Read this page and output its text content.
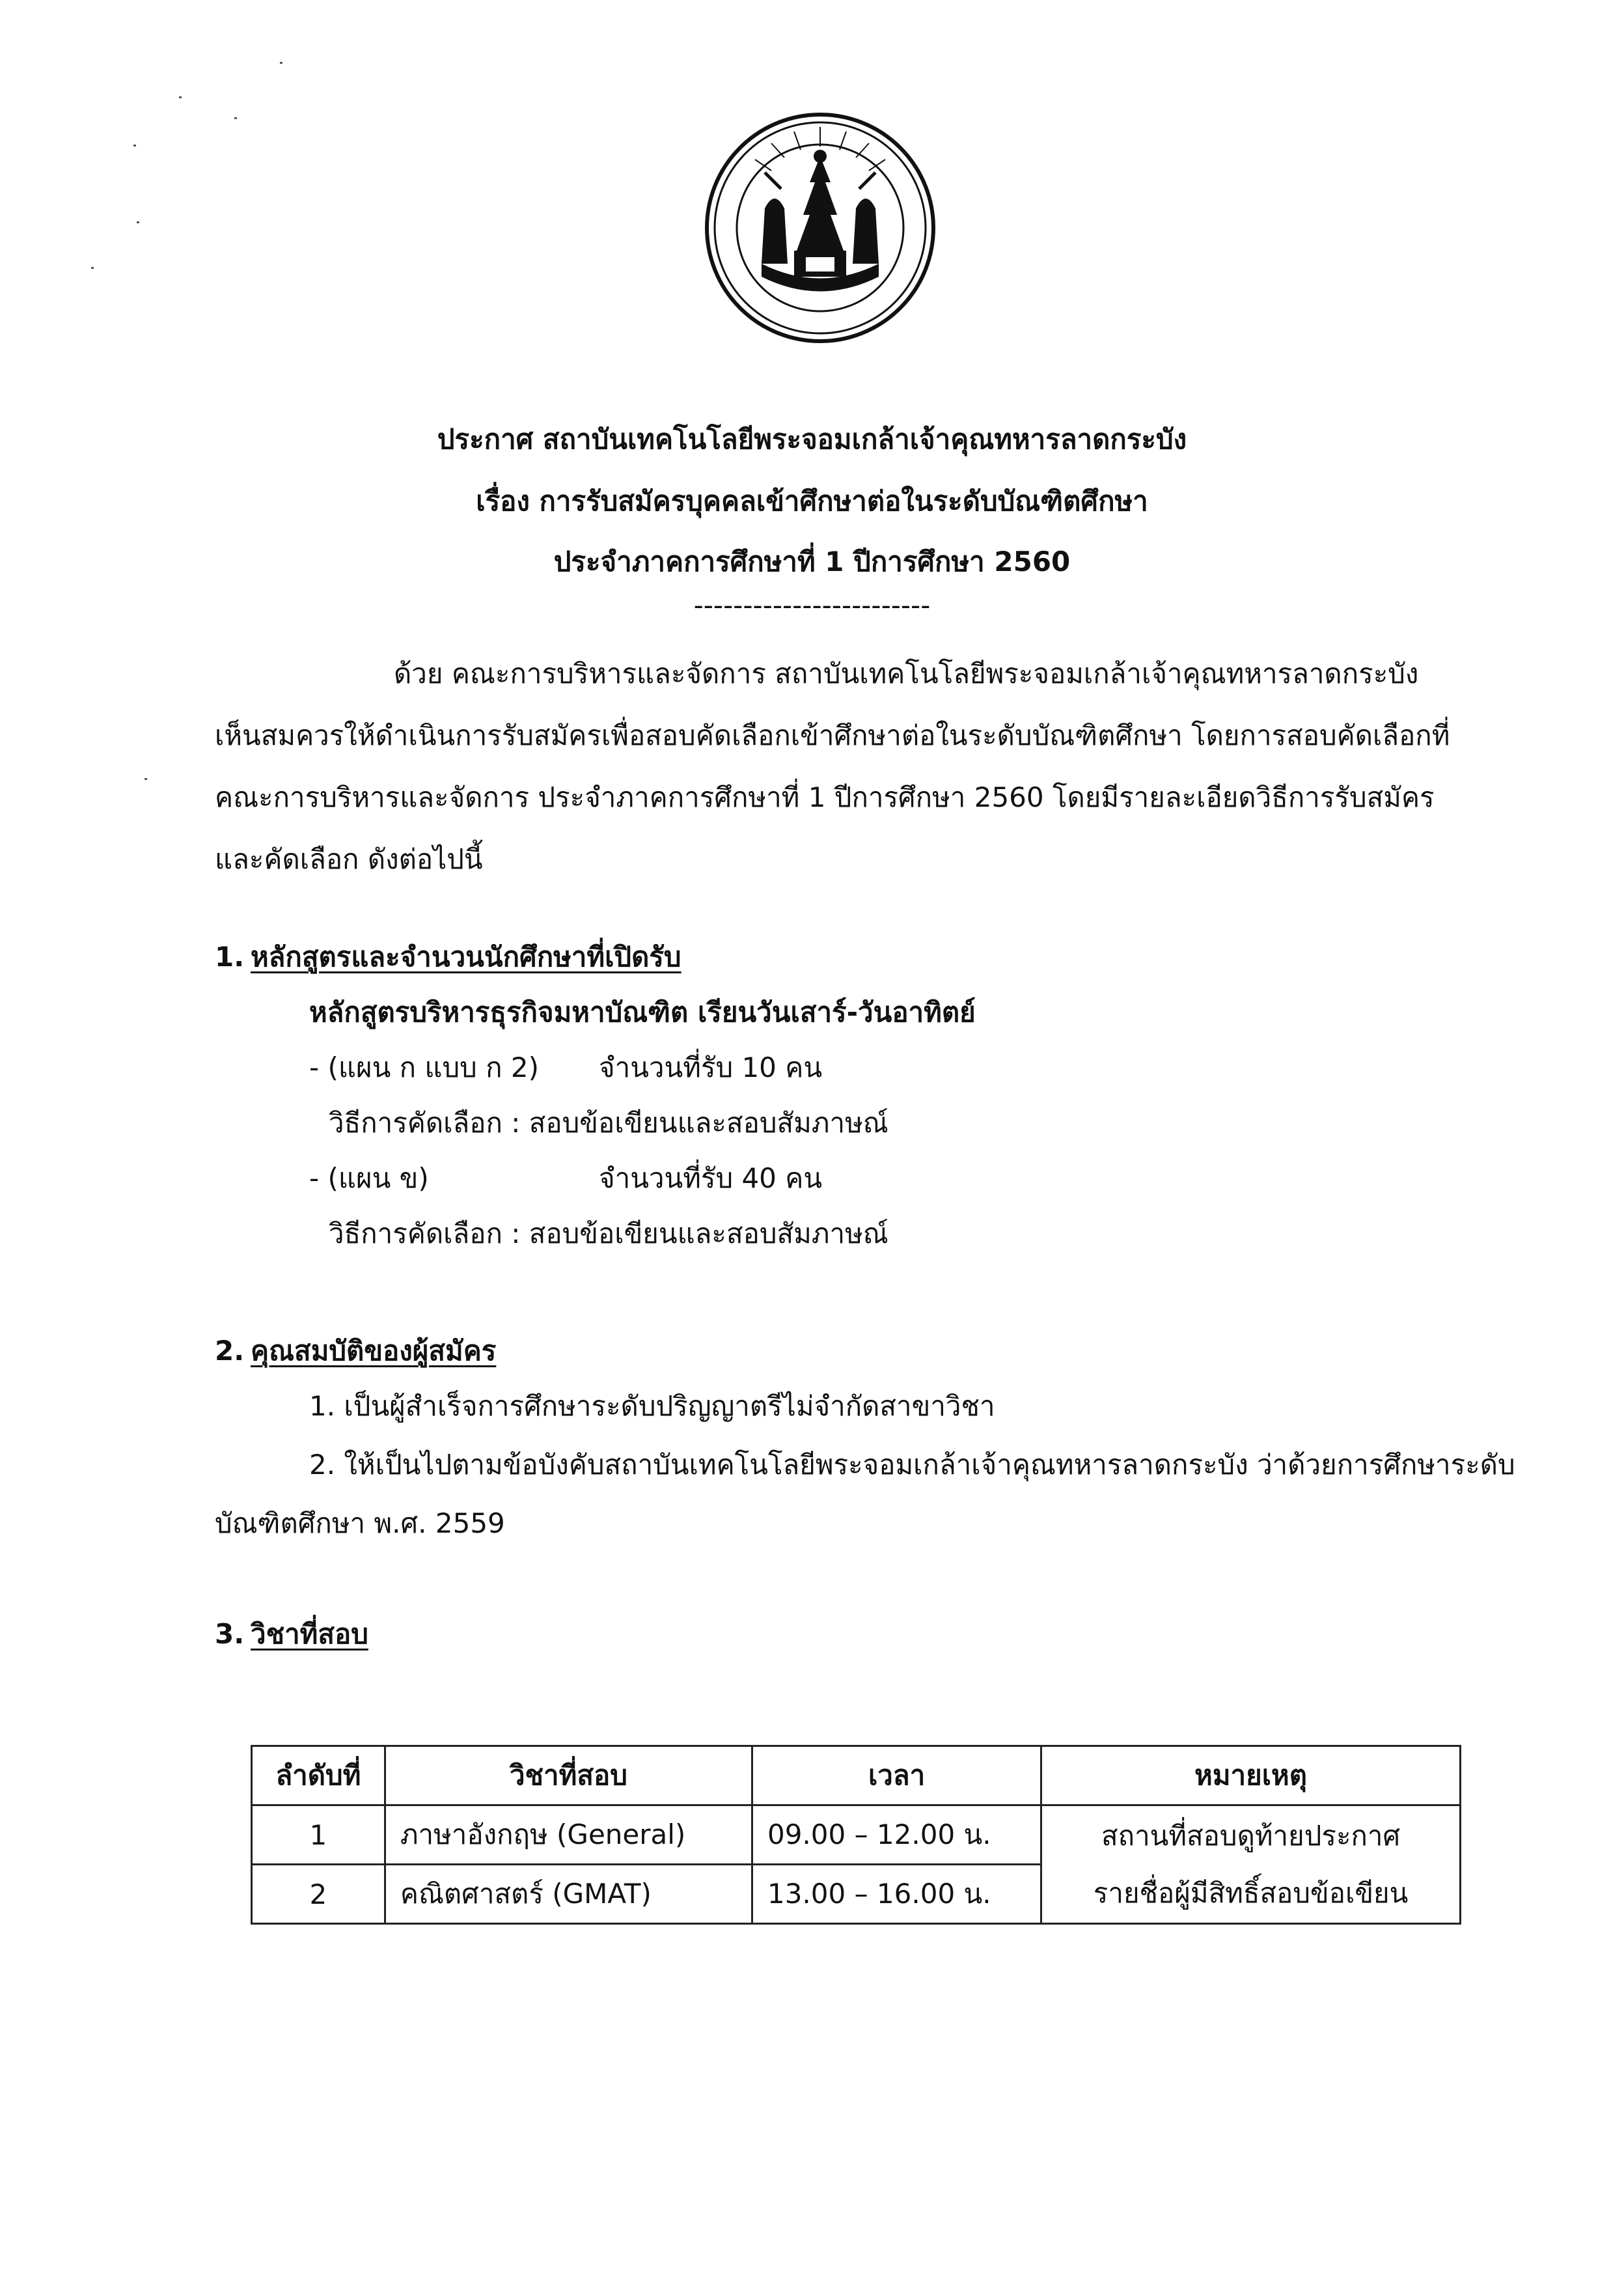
ประกาศ สถาบันเทคโนโลยีพระจอมเกล้าเจ้าคุณทหารลาดกระบัง
เรื่อง การรับสมัครบุคคลเข้าศึกษาต่อในระดับบัณฑิตศึกษา
ประจำภาคการศึกษาที่ 1 ปีการศึกษา 2560
------------------------
ด้วย คณะการบริหารและจัดการ สถาบันเทคโนโลยีพระจอมเกล้าเจ้าคุณทหารลาดกระบัง
เห็นสมควรให้ดำเนินการรับสมัครเพื่อสอบคัดเลือกเข้าศึกษาต่อในระดับบัณฑิตศึกษา โดยการสอบคัดเลือกที่
คณะการบริหารและจัดการ ประจำภาคการศึกษาที่ 1 ปีการศึกษา 2560 โดยมีรายละเอียดวิธีการรับสมัคร
และคัดเลือก ดังต่อไปนี้
1. หลักสูตรและจำนวนนักศึกษาที่เปิดรับ
หลักสูตรบริหารธุรกิจมหาบัณฑิต เรียนวันเสาร์-วันอาทิตย์
- (แผน ก แบบ ก 2) จำนวนที่รับ 10 คน
วิธีการคัดเลือก : สอบข้อเขียนและสอบสัมภาษณ์
- (แผน ข)	จำนวนที่รับ 40 คน
วิธีการคัดเลือก : สอบข้อเขียนและสอบสัมภาษณ์
2. คุณสมบัติของผู้สมัคร
1. เป็นผู้สำเร็จการศึกษาระดับปริญญาตรีไม่จำกัดสาขาวิชา
2. ให้เป็นไปตามข้อบังคับสถาบันเทคโนโลยีพระจอมเกล้าเจ้าคุณทหารลาดกระบัง ว่าด้วยการศึกษาระดับ
บัณฑิตศึกษา พ.ศ. 2559
3. วิชาที่สอบ
ลำดับที่	วิชาที่สอบ	เวลา	หมายเหตุ
1	ภาษาอังกฤษ (General)	09.00 – 12.00 น.	สถานที่สอบดูท้ายประกาศ
รายชื่อผู้มีสิทธิ์สอบข้อเขียน

2	คณิตศาสตร์ (GMAT)	13.00 – 16.00 น.	
